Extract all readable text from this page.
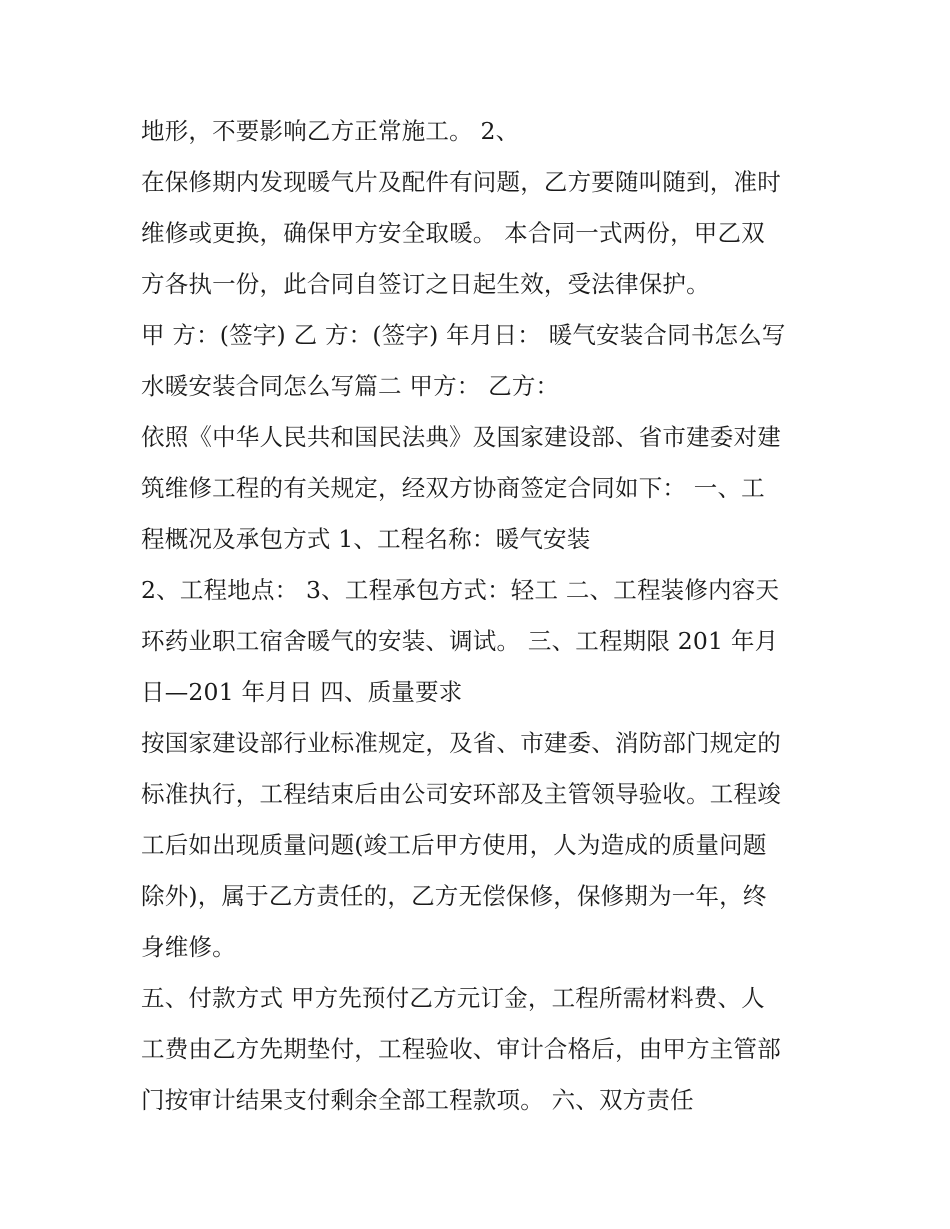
地形，不要影响乙方正常施工。 2、
在保修期内发现暖气片及配件有问题，乙方要随叫随到，准时
维修或更换，确保甲方安全取暖。 本合同一式两份，甲乙双
方各执一份，此合同自签订之日起生效，受法律保护。
甲 方：(签字) 乙 方：(签字) 年月日： 暖气安装合同书怎么写
水暖安装合同怎么写篇二 甲方： 乙方：
依照《中华人民共和国民法典》及国家建设部、省市建委对建
筑维修工程的有关规定，经双方协商签定合同如下： 一、工
程概况及承包方式 1、工程名称：暖气安装
2、工程地点： 3、工程承包方式：轻工 二、工程装修内容天
环药业职工宿舍暖气的安装、调试。 三、工程期限 201 年月
日—201 年月日 四、质量要求
按国家建设部行业标准规定，及省、市建委、消防部门规定的
标准执行，工程结束后由公司安环部及主管领导验收。工程竣
工后如出现质量问题(竣工后甲方使用，人为造成的质量问题
除外)，属于乙方责任的，乙方无偿保修，保修期为一年，终
身维修。
五、付款方式 甲方先预付乙方元订金，工程所需材料费、人
工费由乙方先期垫付，工程验收、审计合格后，由甲方主管部
门按审计结果支付剩余全部工程款项。 六、双方责任
